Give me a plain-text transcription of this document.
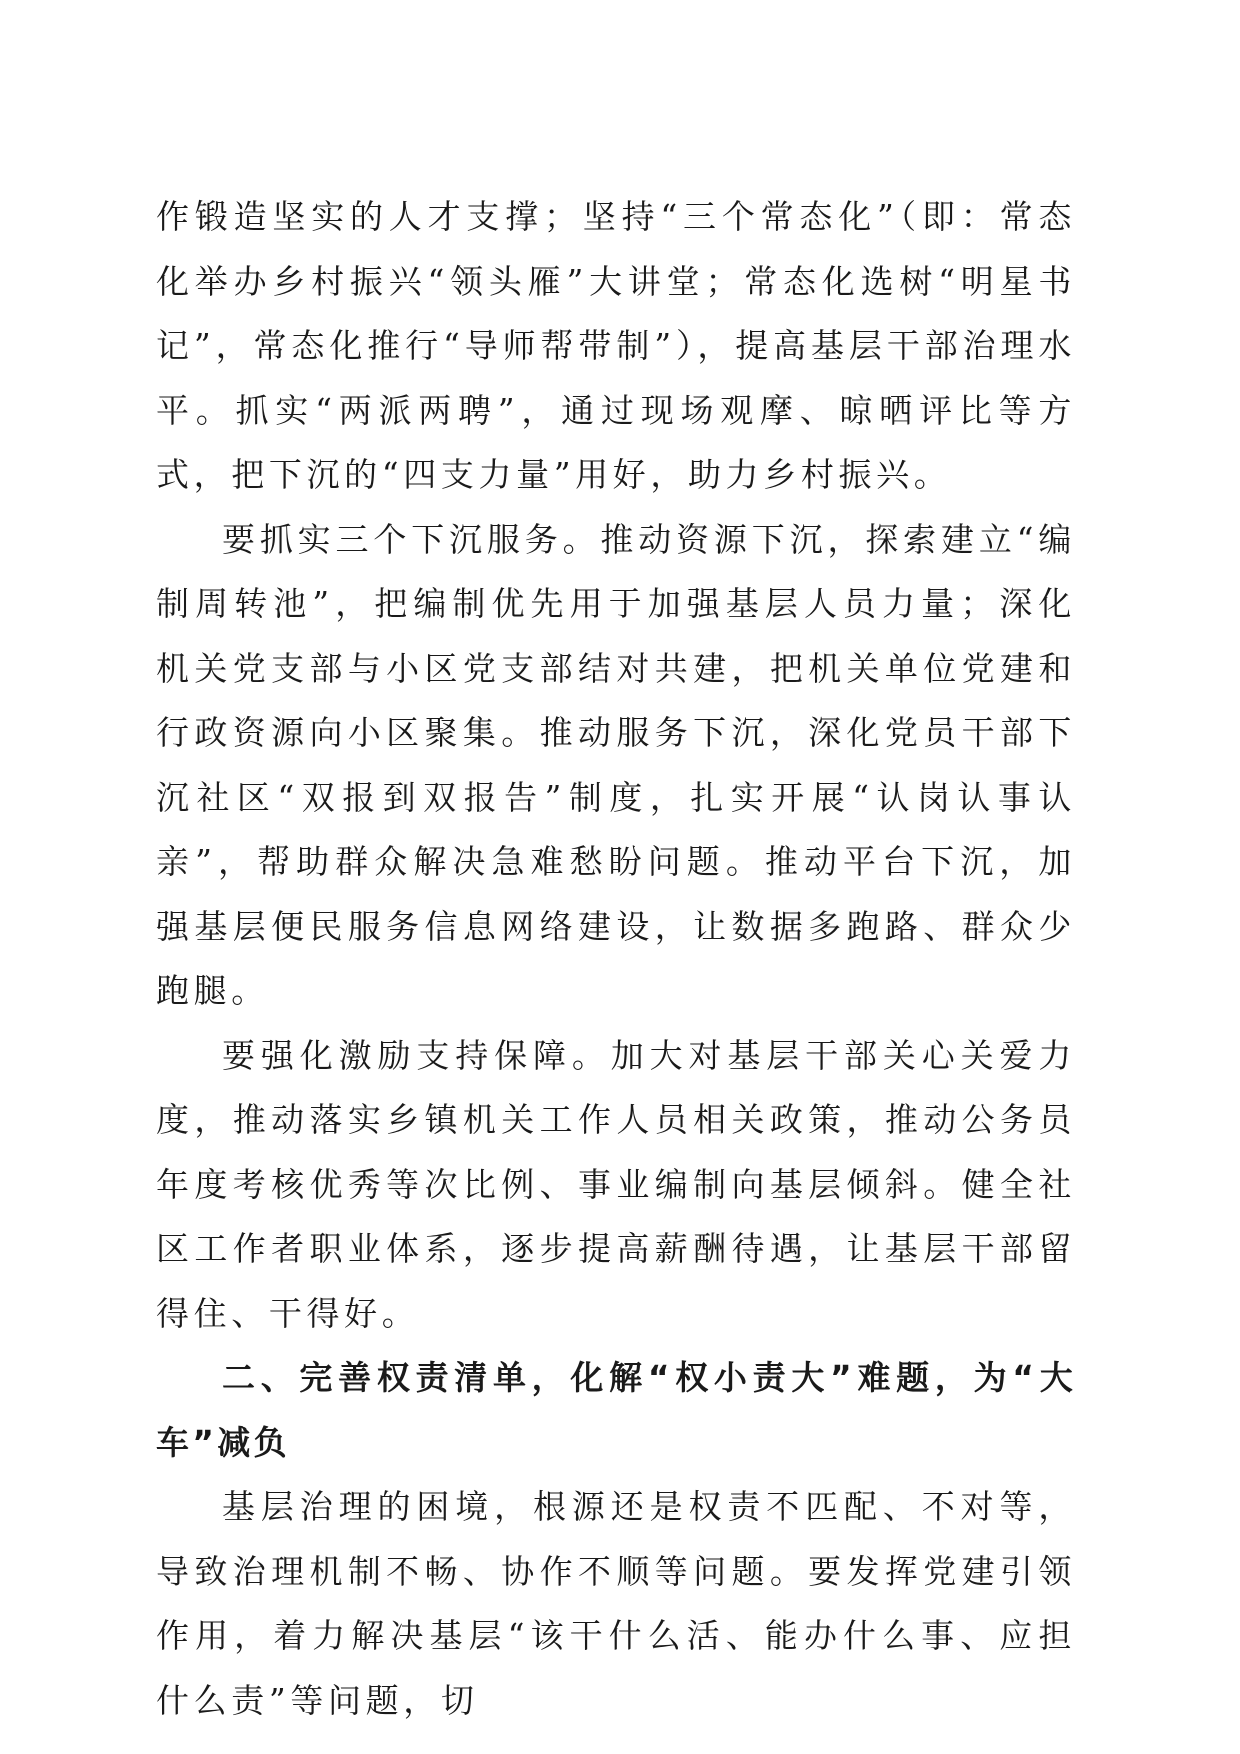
作锻造坚实的人才支撑；坚持“三个常态化”（即：常态化举办乡村振兴“领头雁”大讲堂；常态化选树“明星书记”，常态化推行“导师帮带制”），提高基层干部治理水平。抓实“两派两聘”，通过现场观摩、晾晒评比等方式，把下沉的“四支力量”用好，助力乡村振兴。

要抓实三个下沉服务。推动资源下沉，探索建立“编制周转池”，把编制优先用于加强基层人员力量；深化机关党支部与小区党支部结对共建，把机关单位党建和行政资源向小区聚集。推动服务下沉，深化党员干部下沉社区“双报到双报告”制度，扎实开展“认岗认事认亲”，帮助群众解决急难愁盼问题。推动平台下沉，加强基层便民服务信息网络建设，让数据多跑路、群众少跑腿。

要强化激励支持保障。加大对基层干部关心关爱力度，推动落实乡镇机关工作人员相关政策，推动公务员年度考核优秀等次比例、事业编制向基层倾斜。健全社区工作者职业体系，逐步提高薪酬待遇，让基层干部留得住、干得好。

二、完善权责清单，化解“权小责大”难题，为“大车”减负

基层治理的困境，根源还是权责不匹配、不对等，导致治理机制不畅、协作不顺等问题。要发挥党建引领作用，着力解决基层“该干什么活、能办什么事、应担什么责”等问题，切
